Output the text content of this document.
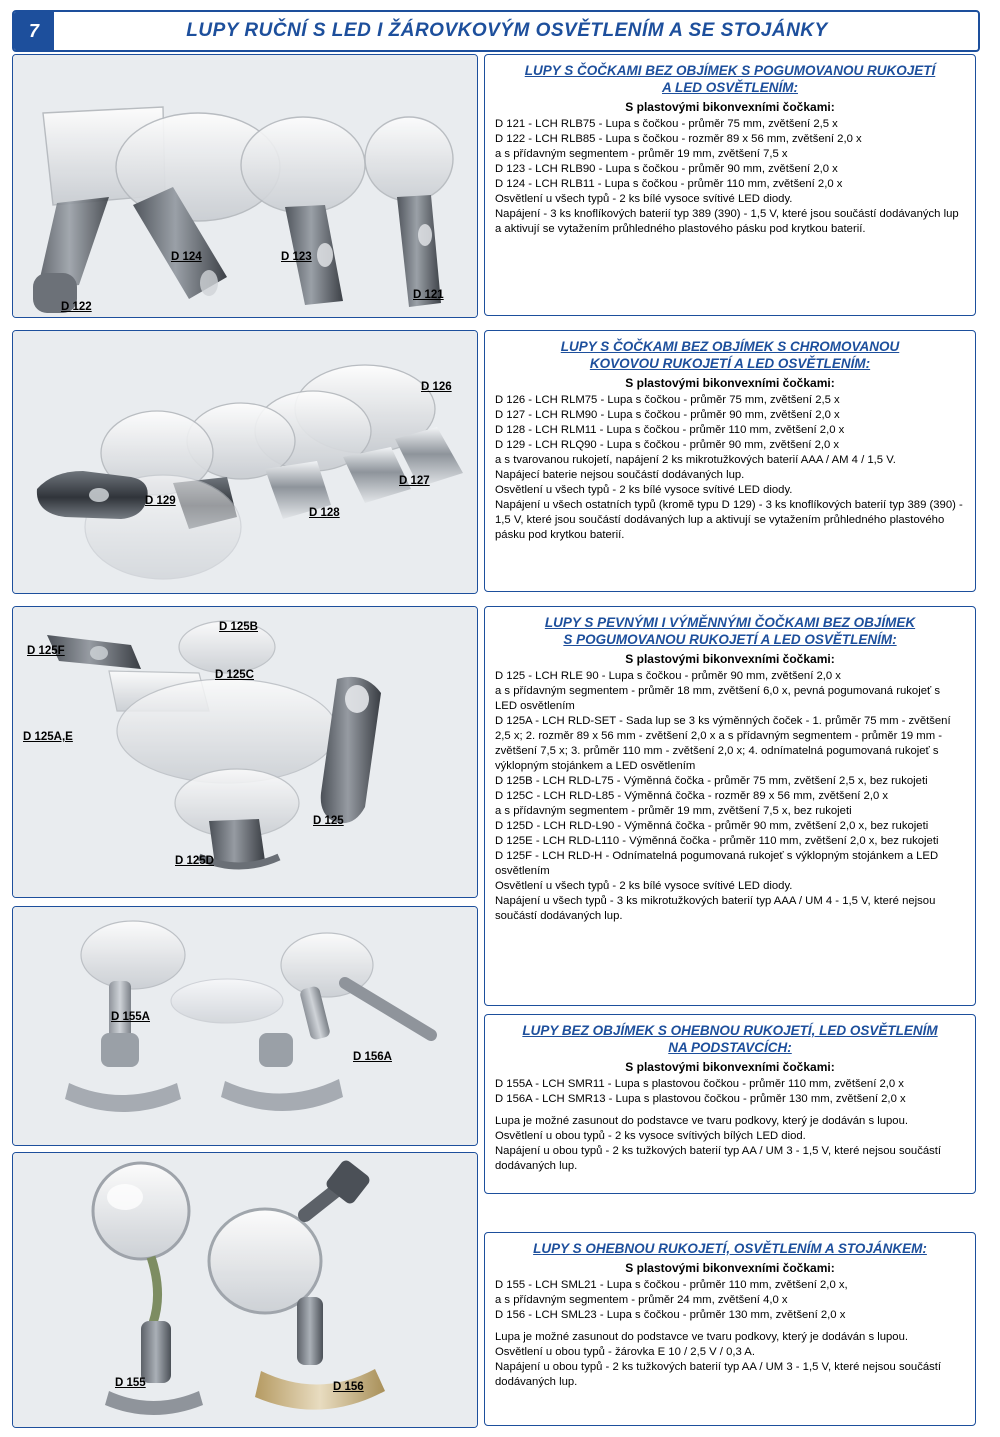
7	LUPY RUČNÍ S LED I ŽÁROVKOVÝM OSVĚTLENÍM A SE STOJÁNKY
D 124	D 123
D 121
D 122
LUPY S ČOČKAMI BEZ OBJÍMEK S POGUMOVANOU RUKOJETÍ
A LED OSVĚTLENÍM:
S plastovými bikonvexními čočkami:
D 121 - LCH RLB75 - Lupa s čočkou - průměr 75 mm, zvětšení 2,5 x
D 122 - LCH RLB85 - Lupa s čočkou - rozměr 89 x 56 mm, zvětšení 2,0 x
a s přídavným segmentem - průměr 19 mm, zvětšení 7,5 x
D 123 - LCH RLB90 - Lupa s čočkou - průměr 90 mm, zvětšení 2,0 x
D 124 - LCH RLB11 - Lupa s čočkou - průměr 110 mm, zvětšení 2,0 x
Osvětlení u všech typů - 2 ks bílé vysoce svítivé LED diody.
Napájení - 3 ks knoflíkových baterií typ 389 (390) - 1,5 V, které jsou součástí dodávaných lup a aktivují se vytažením průhledného plastového pásku pod krytkou baterií.
D 126
D 127
D 128
D 129
LUPY S ČOČKAMI BEZ OBJÍMEK S CHROMOVANOU
KOVOVOU RUKOJETÍ A LED OSVĚTLENÍM:
S plastovými bikonvexními čočkami:
D 126 - LCH RLM75 - Lupa s čočkou - průměr 75 mm, zvětšení 2,5 x
D 127 - LCH RLM90 - Lupa s čočkou - průměr 90 mm, zvětšení 2,0 x
D 128 - LCH RLM11 - Lupa s čočkou - průměr 110 mm, zvětšení 2,0 x
D 129 - LCH RLQ90 - Lupa s čočkou - průměr 90 mm, zvětšení 2,0 x
a s tvarovanou rukojetí, napájení 2 ks mikrotužkových baterií AAA / AM 4 / 1,5 V.
Napájecí baterie nejsou součástí dodávaných lup.
Osvětlení u všech typů - 2 ks bílé vysoce svítivé LED diody.
Napájení u všech ostatních typů (kromě typu D 129) - 3 ks knoflíkových baterií typ 389 (390) - 1,5 V, které jsou součástí dodávaných lup a aktivují se vytažením průhledného plastového pásku pod krytkou baterií.
D 125B
D 125F
D 125C
D 125A,E
D 125
D 125D
LUPY S PEVNÝMI I VÝMĚNNÝMI ČOČKAMI BEZ OBJÍMEK
S POGUMOVANOU RUKOJETÍ A LED OSVĚTLENÍM:
S plastovými bikonvexními čočkami:
D 125 - LCH RLE 90 - Lupa s čočkou - průměr 90 mm, zvětšení 2,0 x
a s přídavným segmentem - průměr 18 mm, zvětšení 6,0 x, pevná pogumovaná rukojeť s LED osvětlením
D 125A - LCH RLD-SET - Sada lup se 3 ks výměnných čoček - 1. průměr 75 mm - zvětšení 2,5 x; 2. rozměr 89 x 56 mm - zvětšení 2,0 x a s přídavným segmentem - průměr 19 mm - zvětšení 7,5 x; 3. průměr 110 mm - zvětšení 2,0 x; 4. odnímatelná pogumovaná rukojeť s výklopným stojánkem a LED osvětlením
D 125B - LCH RLD-L75 - Výměnná čočka - průměr 75 mm, zvětšení 2,5 x, bez rukojeti
D 125C - LCH RLD-L85 - Výměnná čočka - rozměr 89 x 56 mm, zvětšení 2,0 x
a s přídavným segmentem - průměr 19 mm, zvětšení 7,5 x, bez rukojeti
D 125D - LCH RLD-L90 - Výměnná čočka - průměr 90 mm, zvětšení 2,0 x, bez rukojeti
D 125E - LCH RLD-L110 - Výměnná čočka - průměr 110 mm, zvětšení 2,0 x, bez rukojeti
D 125F - LCH RLD-H - Odnímatelná pogumovaná rukojeť s výklopným stojánkem a LED osvětlením
Osvětlení u všech typů - 2 ks bílé vysoce svítivé LED diody.
Napájení u všech typů - 3 ks mikrotužkových baterií typ AAA / UM 4 - 1,5 V, které nejsou součástí dodávaných lup.
D 155A
D 156A
LUPY BEZ OBJÍMEK S OHEBNOU RUKOJETÍ, LED OSVĚTLENÍM
NA PODSTAVCÍCH:
S plastovými bikonvexními čočkami:
D 155A - LCH SMR11 - Lupa s plastovou čočkou - průměr 110 mm, zvětšení 2,0 x
D 156A - LCH SMR13 - Lupa s plastovou čočkou - průměr 130 mm, zvětšení 2,0 x
Lupa je možné zasunout do podstavce ve tvaru podkovy, který je dodáván s lupou.
Osvětlení u obou typů - 2 ks vysoce svítivých bílých LED diod.
Napájení u obou typů - 2 ks tužkových baterií typ AA / UM 3 - 1,5 V, které nejsou součástí dodávaných lup.
D 155	D 156
LUPY S OHEBNOU RUKOJETÍ, OSVĚTLENÍM A STOJÁNKEM:
S plastovými bikonvexními čočkami:
D 155 - LCH SML21 - Lupa s čočkou - průměr 110 mm, zvětšení 2,0 x,
a s přídavným segmentem - průměr 24 mm, zvětšení 4,0 x
D 156 - LCH SML23 - Lupa s čočkou - průměr 130 mm, zvětšení 2,0 x
Lupa je možné zasunout do podstavce ve tvaru podkovy, který je dodáván s lupou.
Osvětlení u obou typů - žárovka E 10 / 2,5 V / 0,3 A.
Napájení u obou typů - 2 ks tužkových baterií typ AA / UM 3 - 1,5 V, které nejsou součástí dodávaných lup.
